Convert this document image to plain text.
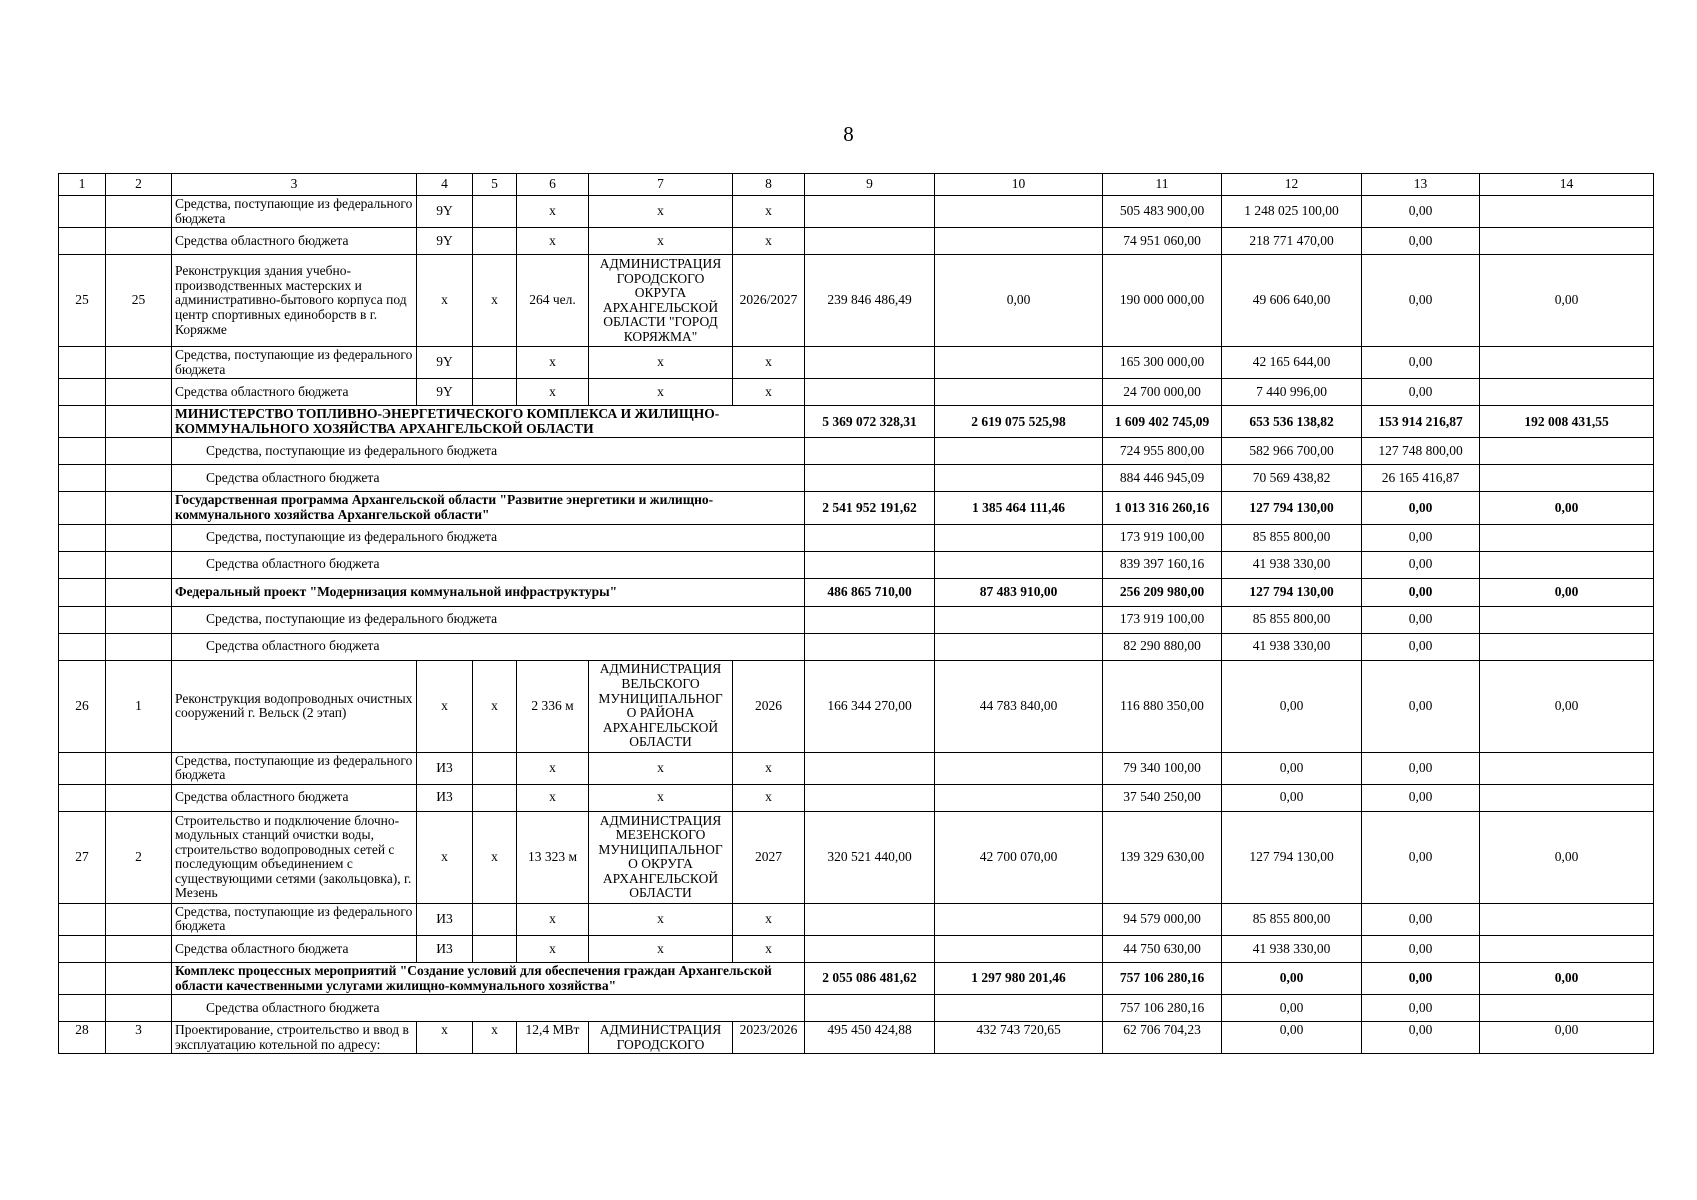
8
1	2	3	4	5	6	7	8	9	10	11	12	13	14
		Средства, поступающие из федерального бюджета	9Y		х	х	х			505 483 900,00	1 248 025 100,00	0,00	
		Средства областного бюджета	9Y		х	х	х			74 951 060,00	218 771 470,00	0,00	
25	25	Реконструкция здания учебно-производственных мастерских и административно-бытового корпуса под центр спортивных единоборств в г. Коряжме	х	х	264 чел.	АДМИНИСТРАЦИЯ ГОРОДСКОГО ОКРУГА АРХАНГЕЛЬСКОЙ ОБЛАСТИ "ГОРОД КОРЯЖМА"	2026/2027	239 846 486,49	0,00	190 000 000,00	49 606 640,00	0,00	0,00
		Средства, поступающие из федерального бюджета	9Y		х	х	х			165 300 000,00	42 165 644,00	0,00	
		Средства областного бюджета	9Y		х	х	х			24 700 000,00	7 440 996,00	0,00	
		МИНИСТЕРСТВО ТОПЛИВНО-ЭНЕРГЕТИЧЕСКОГО КОМПЛЕКСА И ЖИЛИЩНО-КОММУНАЛЬНОГО ХОЗЯЙСТВА АРХАНГЕЛЬСКОЙ ОБЛАСТИ						5 369 072 328,31	2 619 075 525,98	1 609 402 745,09	653 536 138,82	153 914 216,87	192 008 431,55
		Средства, поступающие из федерального бюджета								724 955 800,00	582 966 700,00	127 748 800,00	
		Средства областного бюджета								884 446 945,09	70 569 438,82	26 165 416,87	
		Государственная программа Архангельской области "Развитие энергетики и жилищно-коммунального хозяйства Архангельской области"						2 541 952 191,62	1 385 464 111,46	1 013 316 260,16	127 794 130,00	0,00	0,00
		Средства, поступающие из федерального бюджета								173 919 100,00	85 855 800,00	0,00	
		Средства областного бюджета								839 397 160,16	41 938 330,00	0,00	
		Федеральный проект "Модернизация коммунальной инфраструктуры"						486 865 710,00	87 483 910,00	256 209 980,00	127 794 130,00	0,00	0,00
		Средства, поступающие из федерального бюджета								173 919 100,00	85 855 800,00	0,00	
		Средства областного бюджета								82 290 880,00	41 938 330,00	0,00	
26	1	Реконструкция водопроводных очистных сооружений г. Вельск (2 этап)	х	х	2 336 м	АДМИНИСТРАЦИЯ ВЕЛЬСКОГО МУНИЦИПАЛЬНОГ О РАЙОНА АРХАНГЕЛЬСКОЙ ОБЛАСТИ	2026	166 344 270,00	44 783 840,00	116 880 350,00	0,00	0,00	0,00
		Средства, поступающие из федерального бюджета	И3		х	х	х			79 340 100,00	0,00	0,00	
		Средства областного бюджета	И3		х	х	х			37 540 250,00	0,00	0,00	
27	2	Строительство и подключение блочно-модульных станций очистки воды, строительство водопроводных сетей с последующим объединением с существующими сетями (закольцовка), г. Мезень	х	х	13 323 м	АДМИНИСТРАЦИЯ МЕЗЕНСКОГО МУНИЦИПАЛЬНОГ О ОКРУГА АРХАНГЕЛЬСКОЙ ОБЛАСТИ	2027	320 521 440,00	42 700 070,00	139 329 630,00	127 794 130,00	0,00	0,00
		Средства, поступающие из федерального бюджета	И3		х	х	х			94 579 000,00	85 855 800,00	0,00	
		Средства областного бюджета	И3		х	х	х			44 750 630,00	41 938 330,00	0,00	
		Комплекс процессных мероприятий "Создание условий для обеспечения граждан Архангельской области качественными услугами жилищно-коммунального хозяйства"						2 055 086 481,62	1 297 980 201,46	757 106 280,16	0,00	0,00	0,00
		Средства областного бюджета								757 106 280,16	0,00	0,00	
28	3	Проектирование, строительство и ввод в эксплуатацию котельной по адресу:	х	х	12,4 МВт	АДМИНИСТРАЦИЯ ГОРОДСКОГО	2023/2026	495 450 424,88	432 743 720,65	62 706 704,23	0,00	0,00	0,00
